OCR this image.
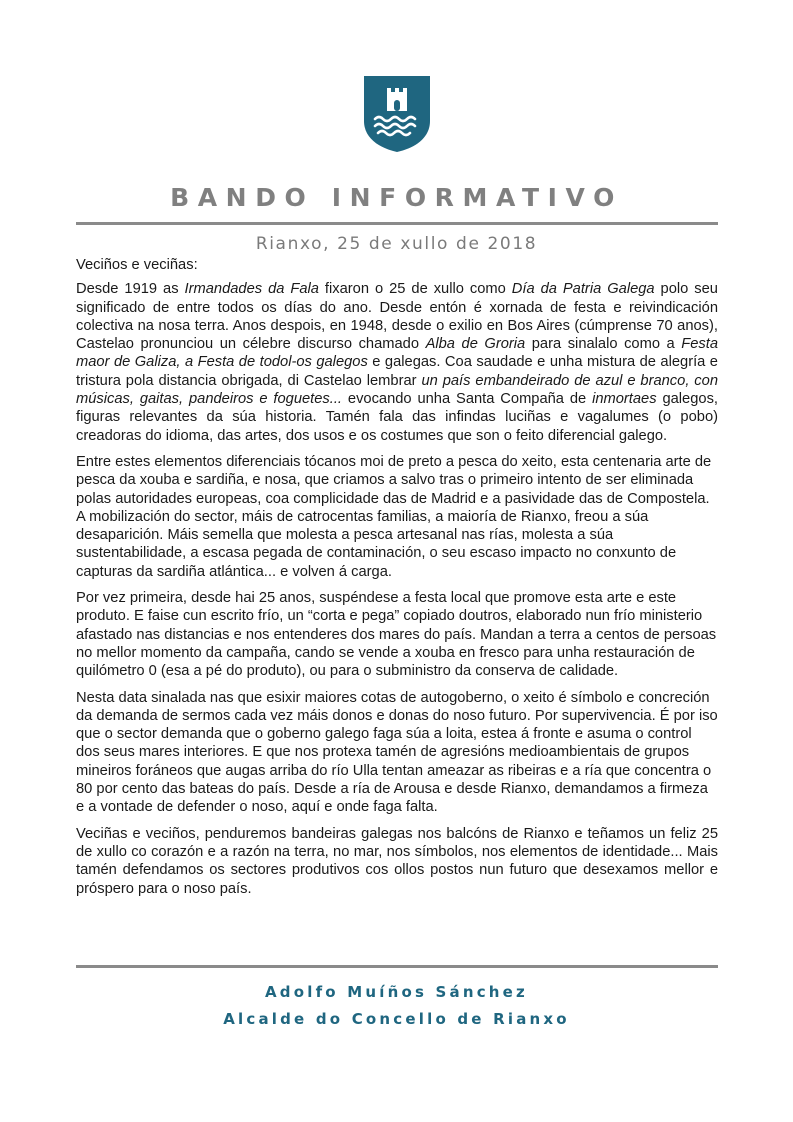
BANDO INFORMATIVO
Rianxo, 25 de xullo de 2018

Veciños e veciñas:

Desde 1919 as Irmandades da Fala fixaron o 25 de xullo como Día da Patria Galega polo seu significado de entre todos os días do ano. Desde entón é xornada de festa e reivindicación colectiva na nosa terra. Anos despois, en 1948, desde o exilio en Bos Aires (cúmprense 70 anos), Castelao pronunciou un célebre discurso chamado Alba de Groria para sinalalo como a Festa maor de Galiza, a Festa de todol-os galegos e galegas. Coa saudade e unha mistura de alegría e tristura pola distancia obrigada, di Castelao lembrar un país embandeirado de azul e branco, con músicas, gaitas, pandeiros e foguetes... evocando unha Santa Compaña de inmortaes galegos, figuras relevantes da súa historia. Tamén fala das infindas luciñas e vagalumes (o pobo) creadoras do idioma, das artes, dos usos e os costumes que son o feito diferencial galego.

Entre estes elementos diferenciais tócanos moi de preto a pesca do xeito, esta centenaria arte de pesca da xouba e sardiña, e nosa, que criamos a salvo tras o primeiro intento de ser eliminada polas autoridades europeas, coa complicidade das de Madrid e a pasividade das de Compostela. A mobilización do sector, máis de catrocentas familias, a maioría de Rianxo, freou a súa desaparición. Máis semella que molesta a pesca artesanal nas rías, molesta a súa sustentabilidade, a escasa pegada de contaminación, o seu escaso impacto no conxunto de capturas da sardiña atlántica... e volven á carga.

Por vez primeira, desde hai 25 anos, suspéndese a festa local que promove esta arte e este produto. E faise cun escrito frío, un “corta e pega” copiado doutros, elaborado nun frío ministerio afastado nas distancias e nos entenderes dos mares do país. Mandan a terra a centos de persoas no mellor momento da campaña, cando se vende a xouba en fresco para unha restauración de quilómetro 0 (esa a pé do produto), ou para o subministro da conserva de calidade.

Nesta data sinalada nas que esixir maiores cotas de autogoberno, o xeito é símbolo e concreción da demanda de sermos cada vez máis donos e donas do noso futuro. Por supervivencia. É por iso que o sector demanda que o goberno galego faga súa a loita, estea á fronte e asuma o control dos seus mares interiores. E que nos protexa tamén de agresións medioambientais de grupos mineiros foráneos que augas arriba do río Ulla tentan ameazar as ribeiras e a ría que concentra o 80 por cento das bateas do país. Desde a ría de Arousa e desde Rianxo, demandamos a firmeza e a vontade de defender o noso, aquí e onde faga falta.

Veciñas e veciños, penduremos bandeiras galegas nos balcóns de Rianxo e teñamos un feliz 25 de xullo co corazón e a razón na terra, no mar, nos símbolos, nos elementos de identidade... Mais tamén defendamos os sectores produtivos cos ollos postos nun futuro que desexamos mellor e próspero para o noso país.

Adolfo Muíños Sánchez
Alcalde do Concello de Rianxo
